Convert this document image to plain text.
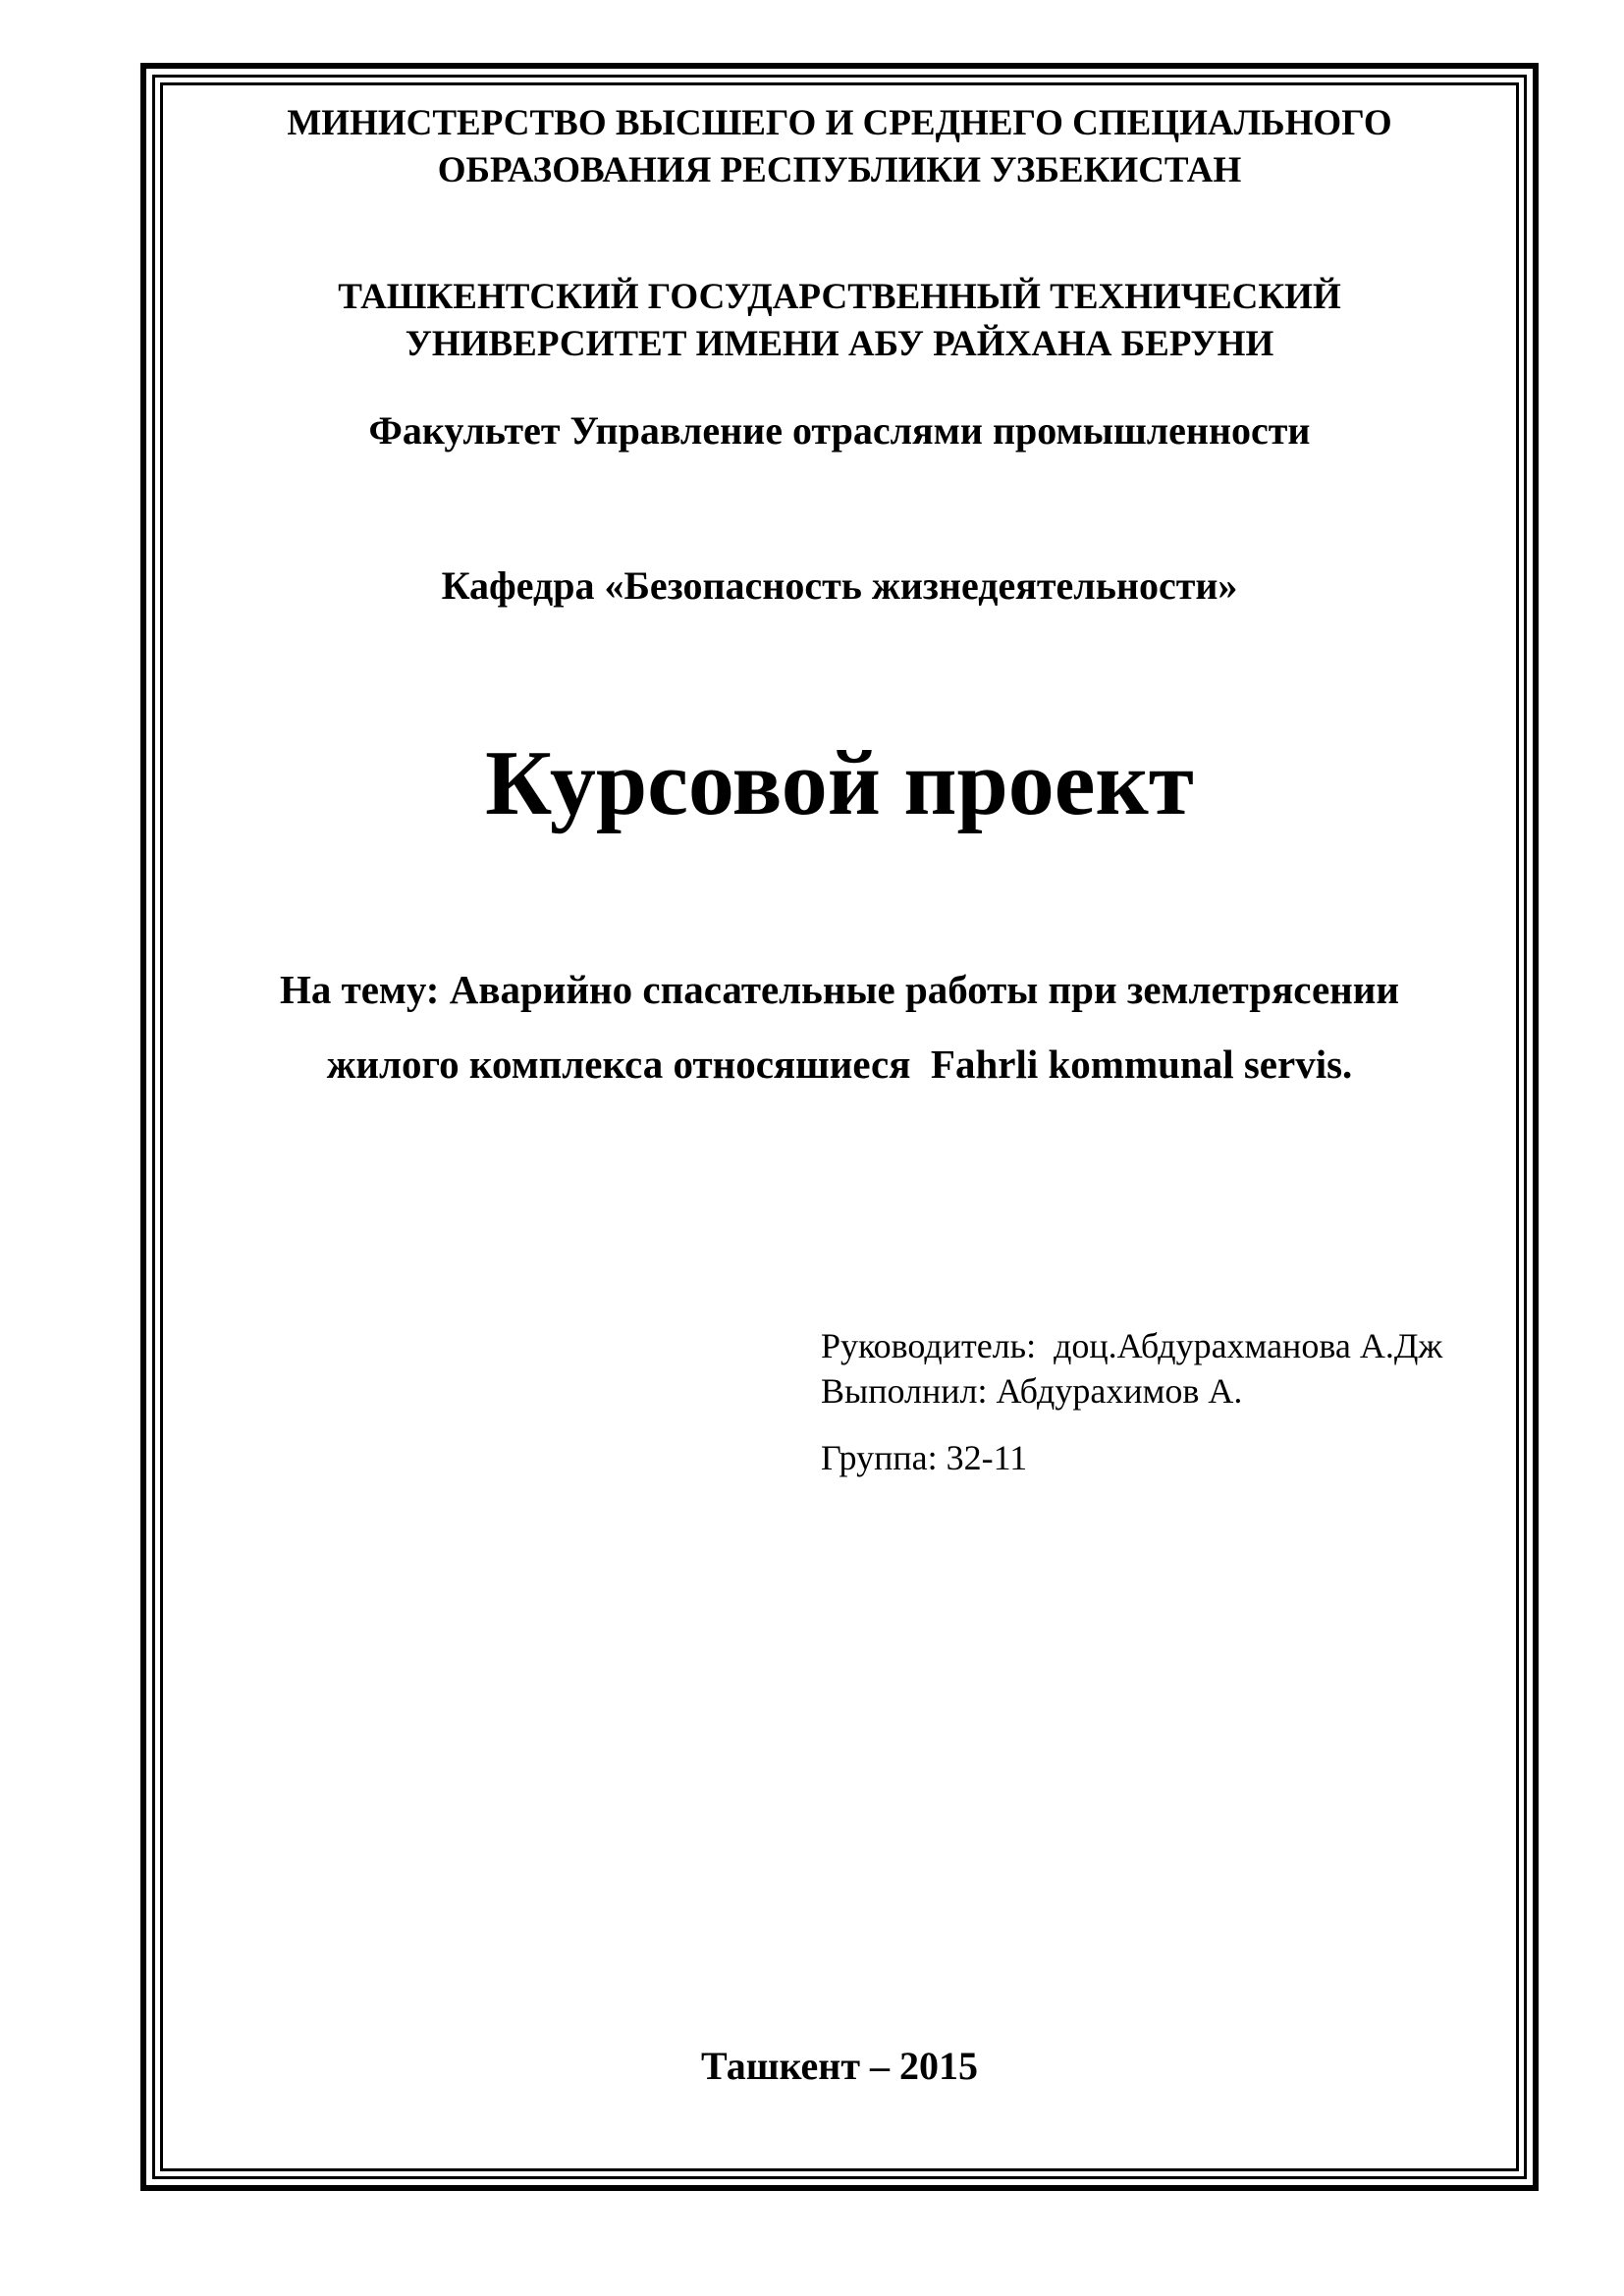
МИНИСТЕРСТВО ВЫСШЕГО И СРЕДНЕГО СПЕЦИАЛЬНОГО
ОБРАЗОВАНИЯ РЕСПУБЛИКИ УЗБЕКИСТАН
ТАШКЕНТСКИЙ ГОСУДАРСТВЕННЫЙ ТЕХНИЧЕСКИЙ
УНИВЕРСИТЕТ ИМЕНИ АБУ РАЙХАНА БЕРУНИ
Факультет Управление отраслями промышленности
Кафедра «Безопасность жизнедеятельности»
Курсовой проект
На тему: Аварийно спасательные работы при землетрясении
жилого комплекса относяшиеся  Fahrli kommunal servis.
Руководитель:  доц.Абдурахманова А.Дж
Выполнил: Абдурахимов А.
Группа: 32-11
Ташкент – 2015
